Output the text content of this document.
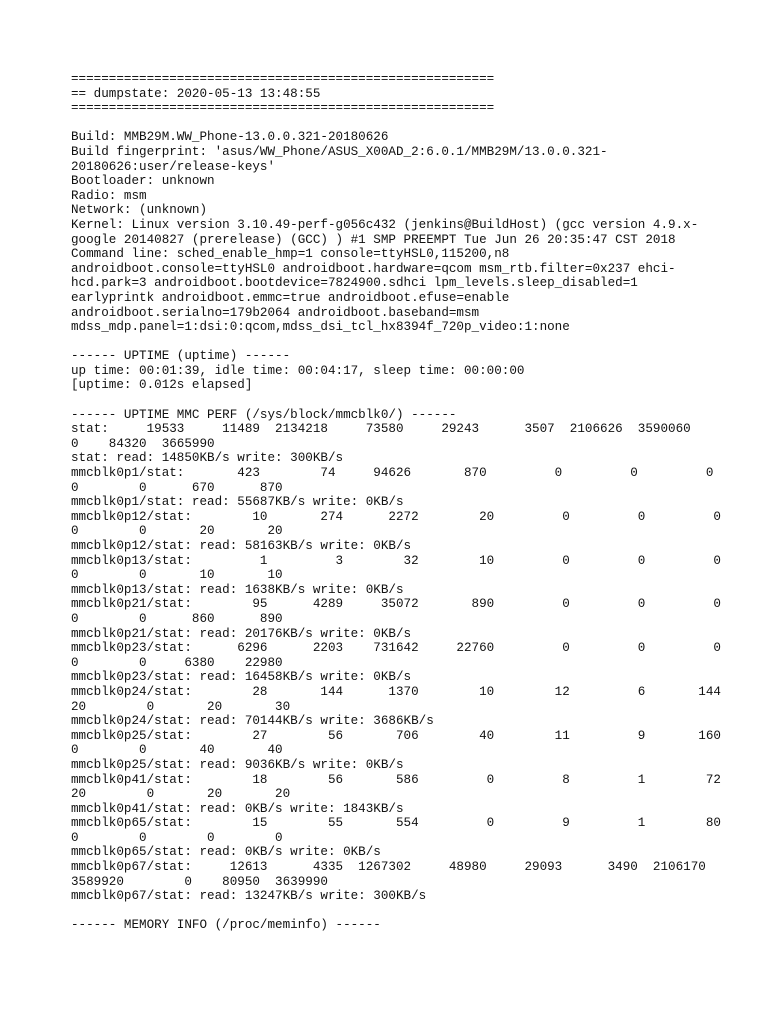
========================================================

== dumpstate: 2020-05-13 13:48:55

========================================================

Build: MMB29M.WW_Phone-13.0.0.321-20180626

Build fingerprint: 'asus/WW_Phone/ASUS_X00AD_2:6.0.1/MMB29M/13.0.0.321-

20180626:user/release-keys'

Bootloader: unknown

Radio: msm

Network: (unknown)

Kernel: Linux version 3.10.49-perf-g056c432 (jenkins@BuildHost) (gcc version 4.9.x-

google 20140827 (prerelease) (GCC) ) #1 SMP PREEMPT Tue Jun 26 20:35:47 CST 2018

Command line: sched_enable_hmp=1 console=ttyHSL0,115200,n8

androidboot.console=ttyHSL0 androidboot.hardware=qcom msm_rtb.filter=0x237 ehci-

hcd.park=3 androidboot.bootdevice=7824900.sdhci lpm_levels.sleep_disabled=1

earlyprintk androidboot.emmc=true androidboot.efuse=enable

androidboot.serialno=179b2064 androidboot.baseband=msm

mdss_mdp.panel=1:dsi:0:qcom,mdss_dsi_tcl_hx8394f_720p_video:1:none

------ UPTIME (uptime) ------

up time: 00:01:39, idle time: 00:04:17, sleep time: 00:00:00

[uptime: 0.012s elapsed]

------ UPTIME MMC PERF (/sys/block/mmcblk0/) ------

stat:     19533     11489  2134218     73580     29243      3507  2106626  3590060

0    84320  3665990

stat: read: 14850KB/s write: 300KB/s

mmcblk0p1/stat:       423        74     94626       870         0         0         0

0        0      670      870

mmcblk0p1/stat: read: 55687KB/s write: 0KB/s

mmcblk0p12/stat:        10       274      2272        20         0         0         0

0        0       20       20

mmcblk0p12/stat: read: 58163KB/s write: 0KB/s

mmcblk0p13/stat:         1         3        32        10         0         0         0

0        0       10       10

mmcblk0p13/stat: read: 1638KB/s write: 0KB/s

mmcblk0p21/stat:        95      4289     35072       890         0         0         0

0        0      860      890

mmcblk0p21/stat: read: 20176KB/s write: 0KB/s

mmcblk0p23/stat:      6296      2203    731642     22760         0         0         0

0        0     6380    22980

mmcblk0p23/stat: read: 16458KB/s write: 0KB/s

mmcblk0p24/stat:        28       144      1370        10        12         6       144

20        0       20       30

mmcblk0p24/stat: read: 70144KB/s write: 3686KB/s

mmcblk0p25/stat:        27        56       706        40        11         9       160

0        0       40       40

mmcblk0p25/stat: read: 9036KB/s write: 0KB/s

mmcblk0p41/stat:        18        56       586         0         8         1        72

20        0       20       20

mmcblk0p41/stat: read: 0KB/s write: 1843KB/s

mmcblk0p65/stat:        15        55       554         0         9         1        80

0        0        0        0

mmcblk0p65/stat: read: 0KB/s write: 0KB/s

mmcblk0p67/stat:     12613      4335  1267302     48980     29093      3490  2106170

3589920        0    80950  3639990

mmcblk0p67/stat: read: 13247KB/s write: 300KB/s

------ MEMORY INFO (/proc/meminfo) ------
